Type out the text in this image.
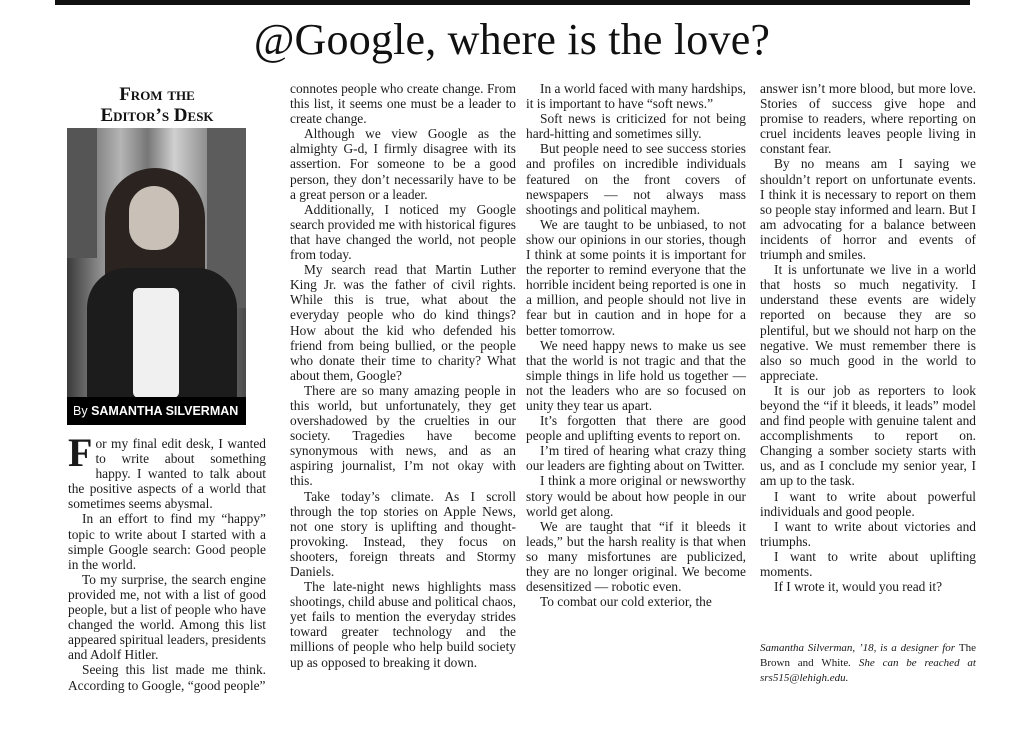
@Google, where is the love?
From the
Editor’s Desk
By SAMANTHA SILVERMAN

For my final edit desk, I wanted to write about something happy. I wanted to talk about the positive aspects of a world that sometimes seems abysmal.

In an effort to find my “happy” topic to write about I started with a simple Google search: Good people in the world.

To my surprise, the search engine provided me, not with a list of good people, but a list of people who have changed the world. Among this list appeared spiritual leaders, presidents and Adolf Hitler.

Seeing this list made me think. According to Google, “good people”

connotes people who create change. From this list, it seems one must be a leader to create change.

Although we view Google as the almighty G-d, I firmly disagree with its assertion. For someone to be a good person, they don’t necessarily have to be a great person or a leader.

Additionally, I noticed my Google search provided me with historical figures that have changed the world, not people from today.

My search read that Martin Luther King Jr. was the father of civil rights. While this is true, what about the everyday people who do kind things? How about the kid who defended his friend from being bullied, or the people who donate their time to charity? What about them, Google?

There are so many amazing people in this world, but unfortunately, they get overshadowed by the cruelties in our society. Tragedies have become synonymous with news, and as an aspiring journalist, I’m not okay with this.

Take today’s climate. As I scroll through the top stories on Apple News, not one story is uplifting and thought-provoking. Instead, they focus on shooters, foreign threats and Stormy Daniels.

The late-night news highlights mass shootings, child abuse and political chaos, yet fails to mention the everyday strides toward greater technology and the millions of people who help build society up as opposed to breaking it down.

In a world faced with many hardships, it is important to have “soft news.”

Soft news is criticized for not being hard-hitting and sometimes silly.

But people need to see success stories and profiles on incredible individuals featured on the front covers of newspapers — not always mass shootings and political mayhem.

We are taught to be unbiased, to not show our opinions in our stories, though I think at some points it is important for the reporter to remind everyone that the horrible incident being reported is one in a million, and people should not live in fear but in caution and in hope for a better tomorrow.

We need happy news to make us see that the world is not tragic and that the simple things in life hold us together — not the leaders who are so focused on unity they tear us apart.

It’s forgotten that there are good people and uplifting events to report on.

I’m tired of hearing what crazy thing our leaders are fighting about on Twitter.

I think a more original or newsworthy story would be about how people in our world get along.

We are taught that “if it bleeds it leads,” but the harsh reality is that when so many misfortunes are publicized, they are no longer original. We become desensitized — robotic even.

To combat our cold exterior, the

answer isn’t more blood, but more love. Stories of success give hope and promise to readers, where reporting on cruel incidents leaves people living in constant fear.

By no means am I saying we shouldn’t report on unfortunate events. I think it is necessary to report on them so people stay informed and learn. But I am advocating for a balance between incidents of horror and events of triumph and smiles.

It is unfortunate we live in a world that hosts so much negativity. I understand these events are widely reported on because they are so plentiful, but we should not harp on the negative. We must remember there is also so much good in the world to appreciate.

It is our job as reporters to look beyond the “if it bleeds, it leads” model and find people with genuine talent and accomplishments to report on. Changing a somber society starts with us, and as I conclude my senior year, I am up to the task.

I want to write about powerful individuals and good people.

I want to write about victories and triumphs.

I want to write about uplifting moments.

If I wrote it, would you read it?

Samantha Silverman, ’18, is a designer for The Brown and White. She can be reached at srs515@lehigh.edu.
